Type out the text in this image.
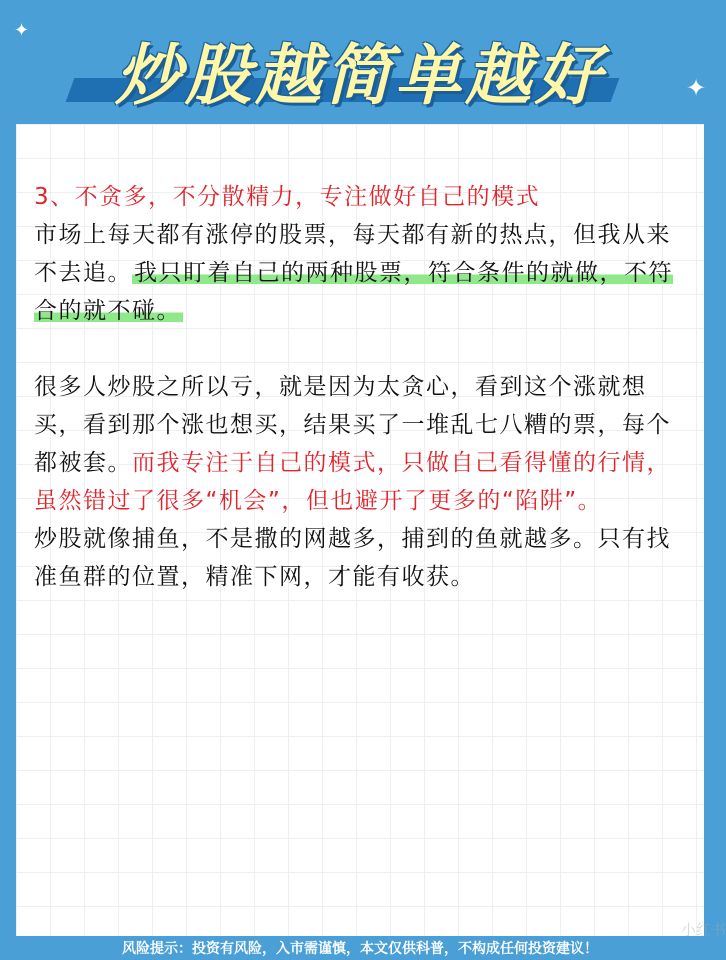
✦
✦
炒股越简单越好

3、不贪多，不分散精力，专注做好自己的模式

市场上每天都有涨停的股票，每天都有新的热点，但我从来不去追。我只盯着自己的两种股票，符合条件的就做，不符合的就不碰。

很多人炒股之所以亏，就是因为太贪心，看到这个涨就想买，看到那个涨也想买，结果买了一堆乱七八糟的票，每个都被套。而我专注于自己的模式，只做自己看得懂的行情，虽然错过了很多“机会”，但也避开了更多的“陷阱”。

炒股就像捕鱼，不是撒的网越多，捕到的鱼就越多。只有找准鱼群的位置，精准下网，才能有收获。

小红书
风险提示：投资有风险，入市需谨慎，本文仅供科普，不构成任何投资建议！
